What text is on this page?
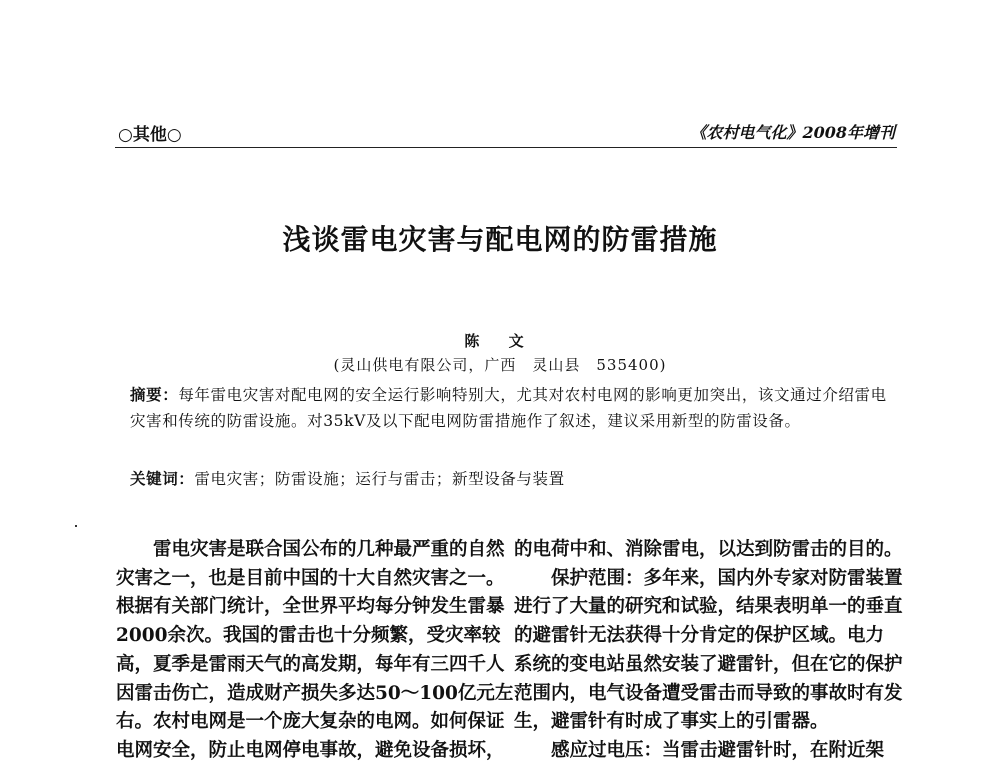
○其他○	《农村电气化》2008年增刊
浅谈雷电灾害与配电网的防雷措施
陈 文
(灵山供电有限公司，广西　灵山县　535400)
摘要：每年雷电灾害对配电网的安全运行影响特别大，尤其对农村电网的影响更加突出，该文通过介绍雷电灾害和传统的防雷设施。对35kV及以下配电网防雷措施作了叙述，建议采用新型的防雷设备。
关键词：雷电灾害；防雷设施；运行与雷击；新型设备与装置

雷电灾害是联合国公布的几种最严重的自然

灾害之一，也是目前中国的十大自然灾害之一。

根据有关部门统计，全世界平均每分钟发生雷暴

2000余次。我国的雷击也十分频繁，受灾率较

高，夏季是雷雨天气的高发期，每年有三四千人

因雷击伤亡，造成财产损失多达50～100亿元左

右。农村电网是一个庞大复杂的电网。如何保证

电网安全，防止电网停电事故，避免设备损坏，

的电荷中和、消除雷电，以达到防雷击的目的。

保护范围：多年来，国内外专家对防雷装置

进行了大量的研究和试验，结果表明单一的垂直

的避雷针无法获得十分肯定的保护区域。电力

系统的变电站虽然安装了避雷针，但在它的保护

范围内，电气设备遭受雷击而导致的事故时有发

生，避雷针有时成了事实上的引雷器。

感应过电压：当雷击避雷针时，在附近架
